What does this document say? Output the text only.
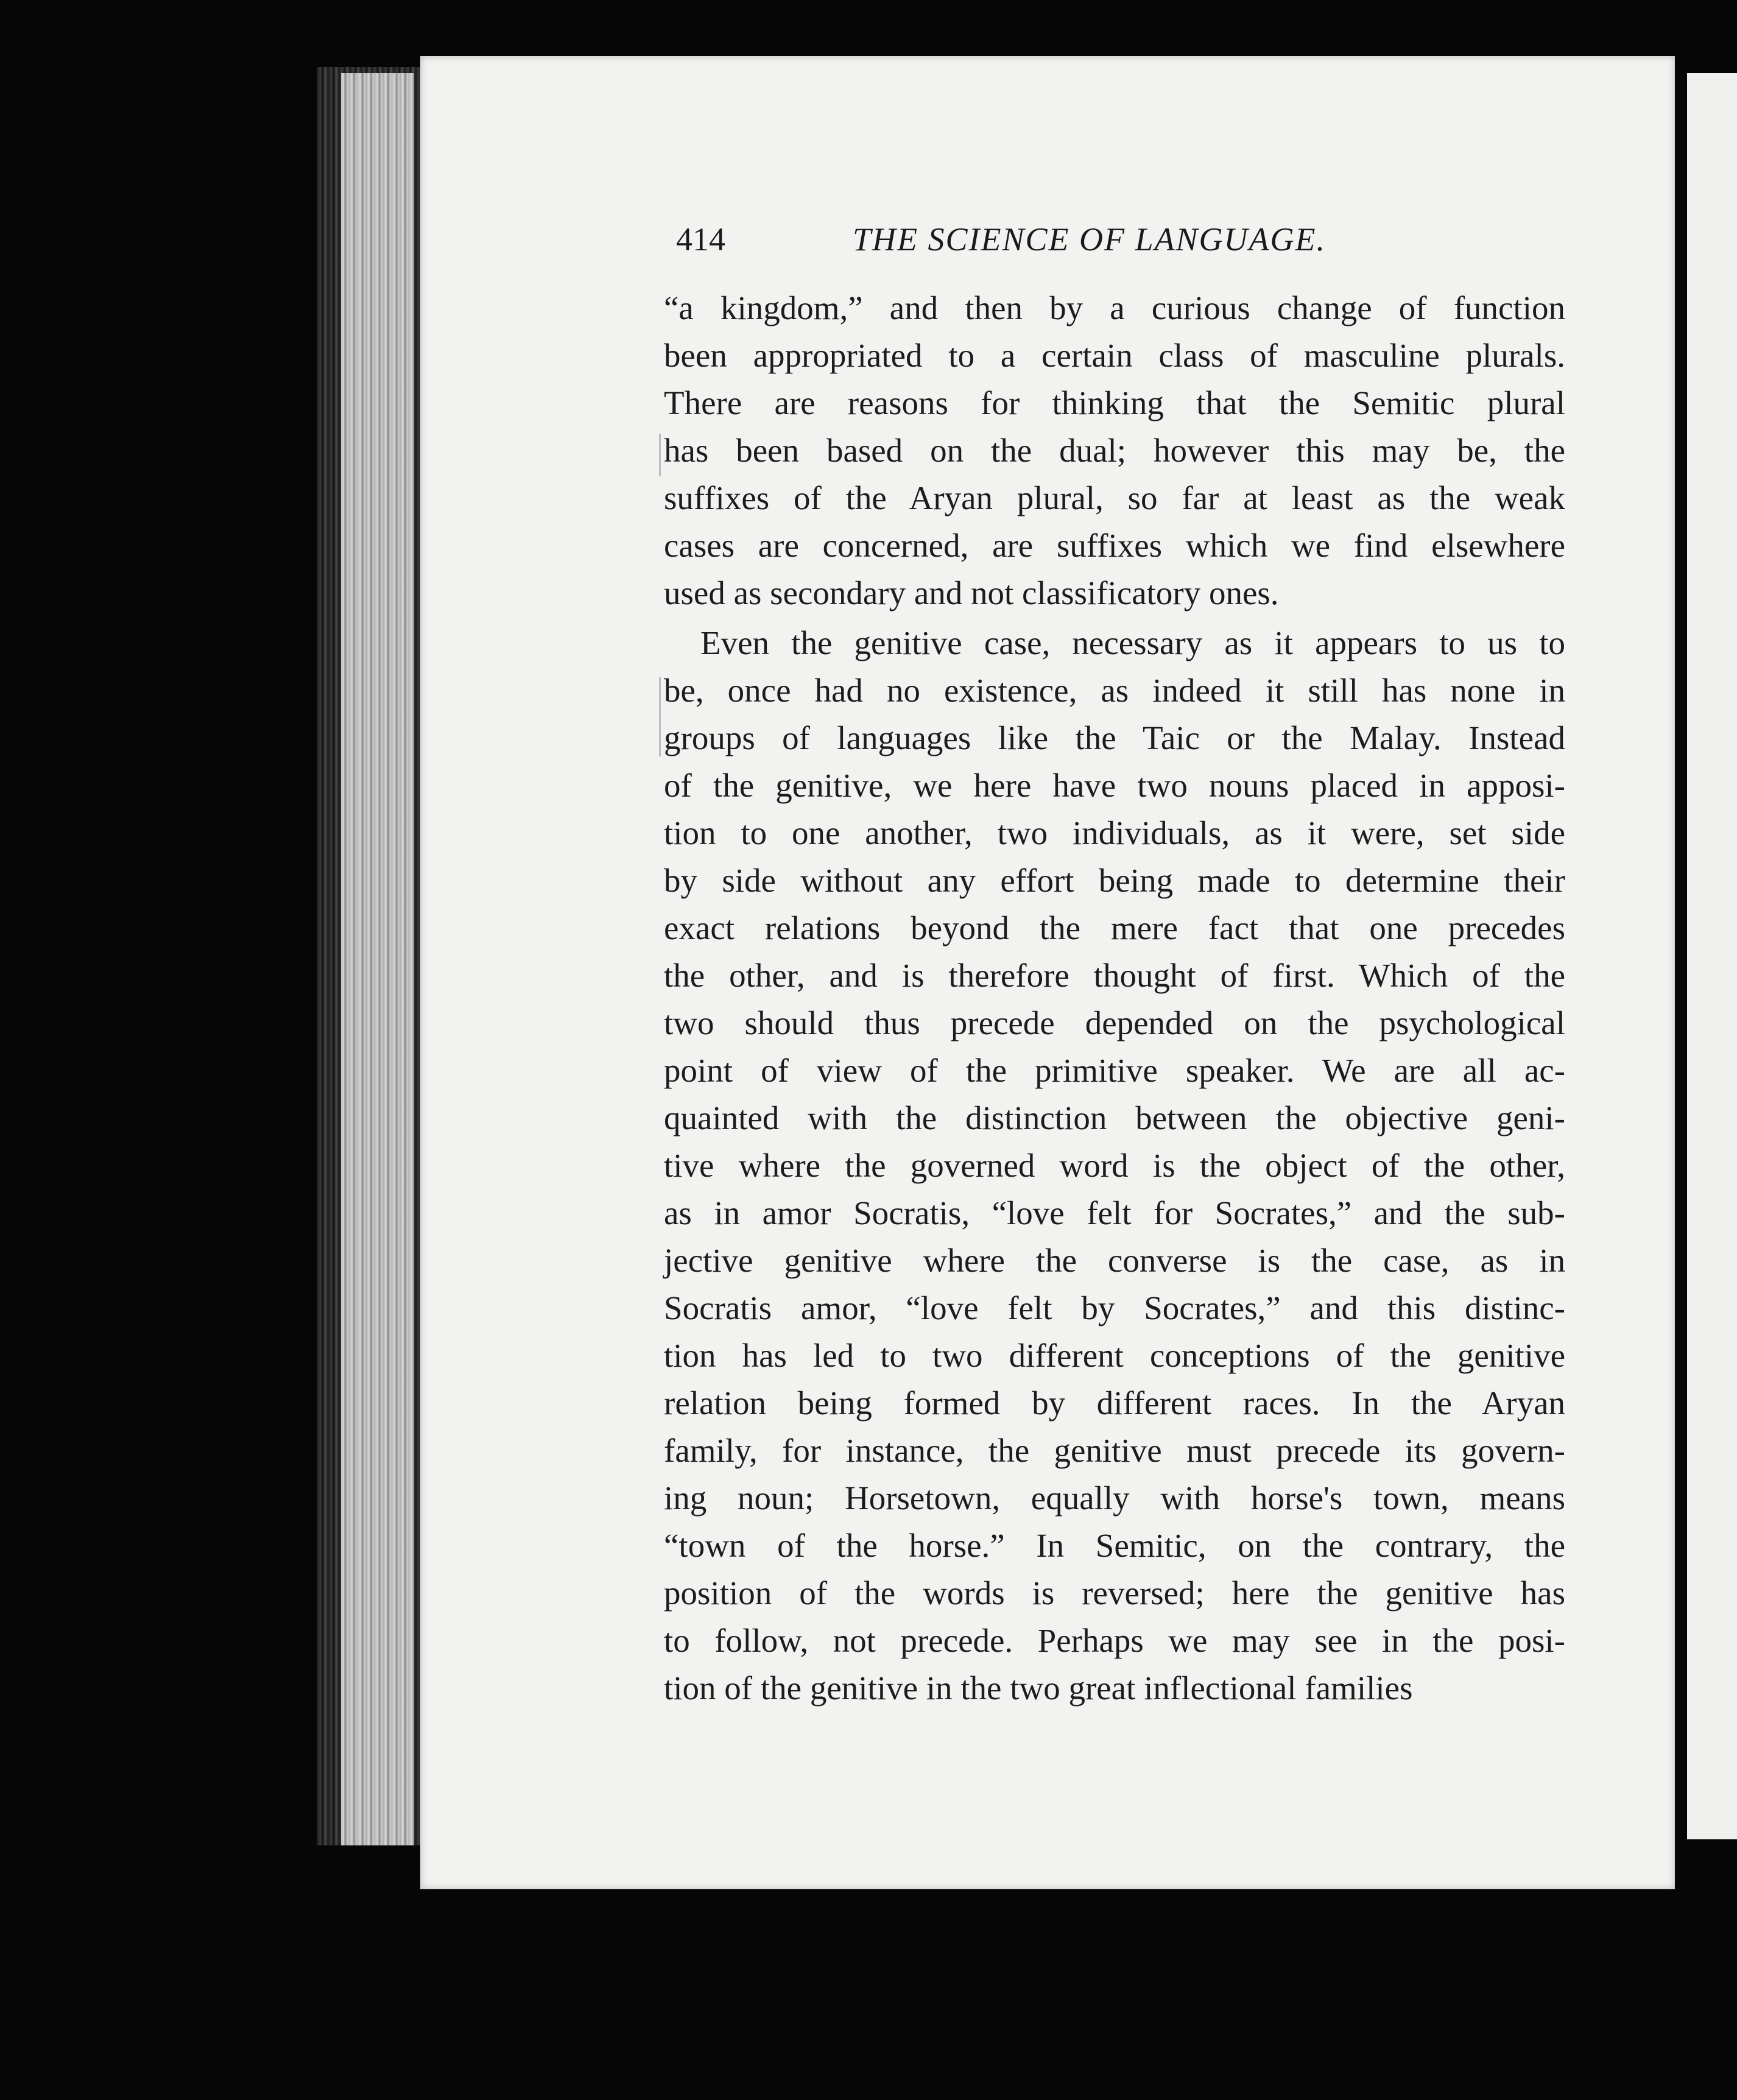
414	THE SCIENCE OF LANGUAGE.
“a kingdom,” and then by a curious change of function
been appropriated to a certain class of masculine plurals.
There are reasons for thinking that the Semitic plural
has been based on the dual; however this may be, the
suffixes of the Aryan plural, so far at least as the weak
cases are concerned, are suffixes which we find elsewhere
used as secondary and not classificatory ones.
Even the genitive case, necessary as it appears to us to
be, once had no existence, as indeed it still has none in
groups of languages like the Taic or the Malay. Instead
of the genitive, we here have two nouns placed in apposi-
tion to one another, two individuals, as it were, set side
by side without any effort being made to determine their
exact relations beyond the mere fact that one precedes
the other, and is therefore thought of first. Which of the
two should thus precede depended on the psychological
point of view of the primitive speaker. We are all ac-
quainted with the distinction between the objective geni-
tive where the governed word is the object of the other,
as in amor Socratis, “love felt for Socrates,” and the sub-
jective genitive where the converse is the case, as in
Socratis amor, “love felt by Socrates,” and this distinc-
tion has led to two different conceptions of the genitive
relation being formed by different races. In the Aryan
family, for instance, the genitive must precede its govern-
ing noun; Horsetown, equally with horse's town, means
“town of the horse.” In Semitic, on the contrary, the
position of the words is reversed; here the genitive has
to follow, not precede. Perhaps we may see in the posi-
tion of the genitive in the two great inflectional families
